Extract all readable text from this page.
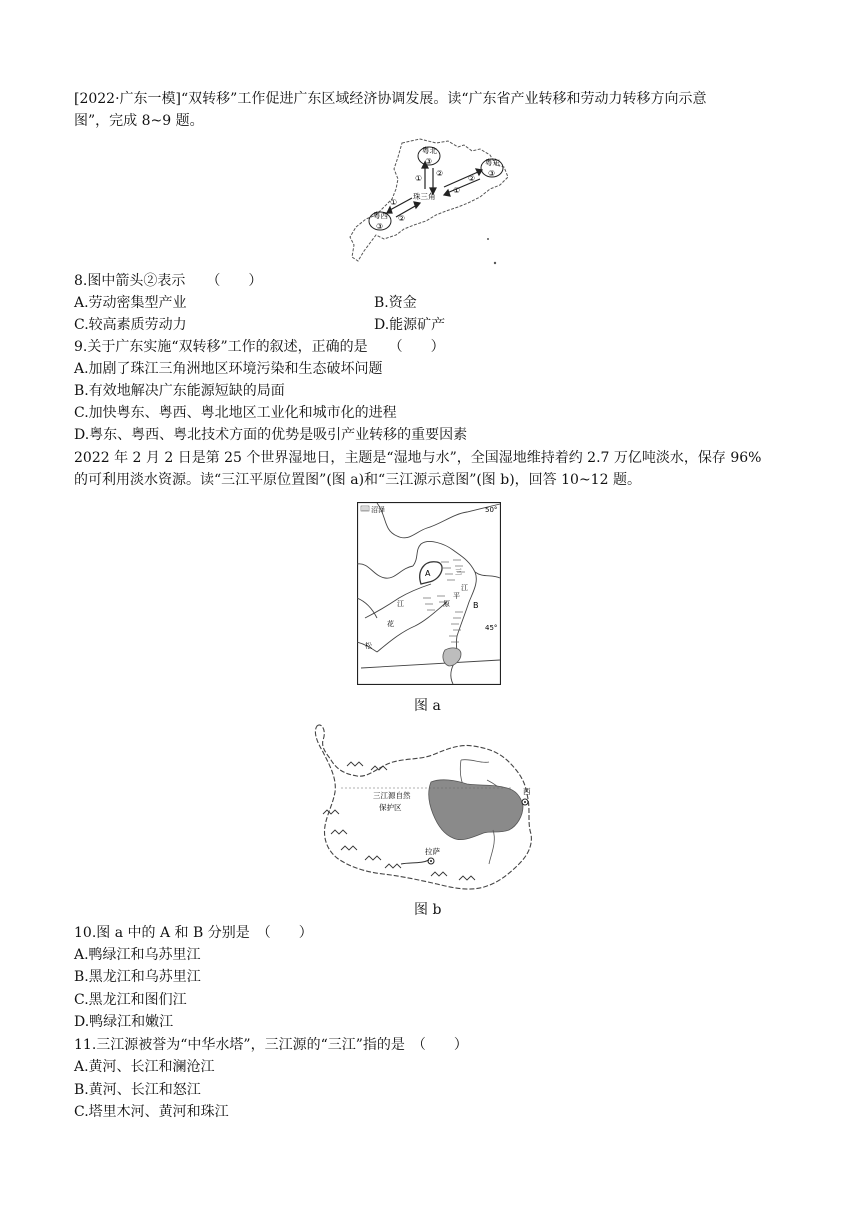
[2022·广东一模]“双转移”工作促进广东区域经济协调发展。读“广东省产业转移和劳动力转移方向示意
图”，完成 8~9 题。
粤北
③	粤东
③
粤西
③
珠三角
①
②
①
②
①
②
8.图中箭头②表示　　（　　）
A.劳动密集型产业	B.资金
C.较高素质劳动力	D.能源矿产
9.关于广东实施“双转移”工作的叙述，正确的是　　（　　）
A.加剧了珠江三角洲地区环境污染和生态破坏问题
B.有效地解决广东能源短缺的局面
C.加快粤东、粤西、粤北地区工业化和城市化的进程
D.粤东、粤西、粤北技术方面的优势是吸引产业转移的重要因素
2022 年 2 月 2 日是第 25 个世界湿地日，主题是“湿地与水”，全国湿地维持着约 2.7 万亿吨淡水，保存 96%
的可利用淡水资源。读“三江平原位置图”(图 a)和“三江源示意图”(图 b)，回答 10~12 题。
沼泽	50°
45°
A
B
三
江
平
原
江
花
松
图 a
三江源自然
保护区
拉萨
西
图 b
10.图 a 中的 A 和 B 分别是　（　　）
A.鸭绿江和乌苏里江
B.黑龙江和乌苏里江
C.黑龙江和图们江
D.鸭绿江和嫩江
11.三江源被誉为“中华水塔”，三江源的“三江”指的是　（　　）
A.黄河、长江和澜沧江
B.黄河、长江和怒江
C.塔里木河、黄河和珠江
